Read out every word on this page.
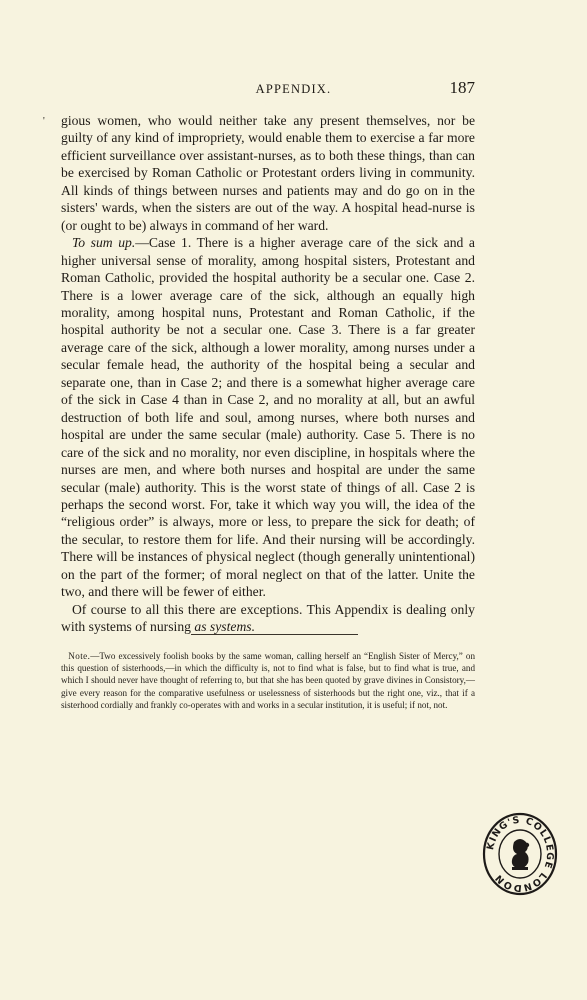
APPENDIX.	187
' gious women, who would neither take any present themselves, nor be guilty of any kind of impropriety, would enable them to exercise a far more efficient surveillance over assistant-nurses, as to both these things, than can be exercised by Roman Catholic or Protestant orders living in community. All kinds of things between nurses and patients may and do go on in the sisters' wards, when the sisters are out of the way. A hospital head-nurse is (or ought to be) always in command of her ward.

    To sum up.—Case 1. There is a higher average care of the sick and a higher universal sense of morality, among hospital sisters, Protestant and Roman Catholic, provided the hospital authority be a secular one. Case 2. There is a lower average care of the sick, although an equally high morality, among hospital nuns, Protestant and Roman Catholic, if the hospital authority be not a secular one. Case 3. There is a far greater average care of the sick, although a lower morality, among nurses under a secular female head, the authority of the hospital being a secular and separate one, than in Case 2; and there is a somewhat higher average care of the sick in Case 4 than in Case 2, and no morality at all, but an awful destruction of both life and soul, among nurses, where both nurses and hospital are under the same secular (male) authority. Case 5. There is no care of the sick and no morality, nor even discipline, in hospitals where the nurses are men, and where both nurses and hospital are under the same secular (male) authority. This is the worst state of things of all. Case 2 is perhaps the second worst. For, take it which way you will, the idea of the “religious order” is always, more or less, to prepare the sick for death; of the secular, to restore them for life. And their nursing will be accordingly. There will be instances of physical neglect (though generally unintentional) on the part of the former; of moral neglect on that of the latter. Unite the two, and there will be fewer of either.

    Of course to all this there are exceptions. This Appendix is dealing only with systems of nursing as systems.

    Note.—Two excessively foolish books by the same woman, calling herself an “English Sister of Mercy,” on this question of sisterhoods,—in which the difficulty is, not to find what is false, but to find what is true, and which I should never have thought of referring to, but that she has been quoted by grave divines in Consistory,—give every reason for the comparative usefulness or uselessness of sisterhoods but the right one, viz., that if a sisterhood cordially and frankly co-operates with and works in a secular institution, it is useful; if not, not.
KING'S COLLEGE LONDON
